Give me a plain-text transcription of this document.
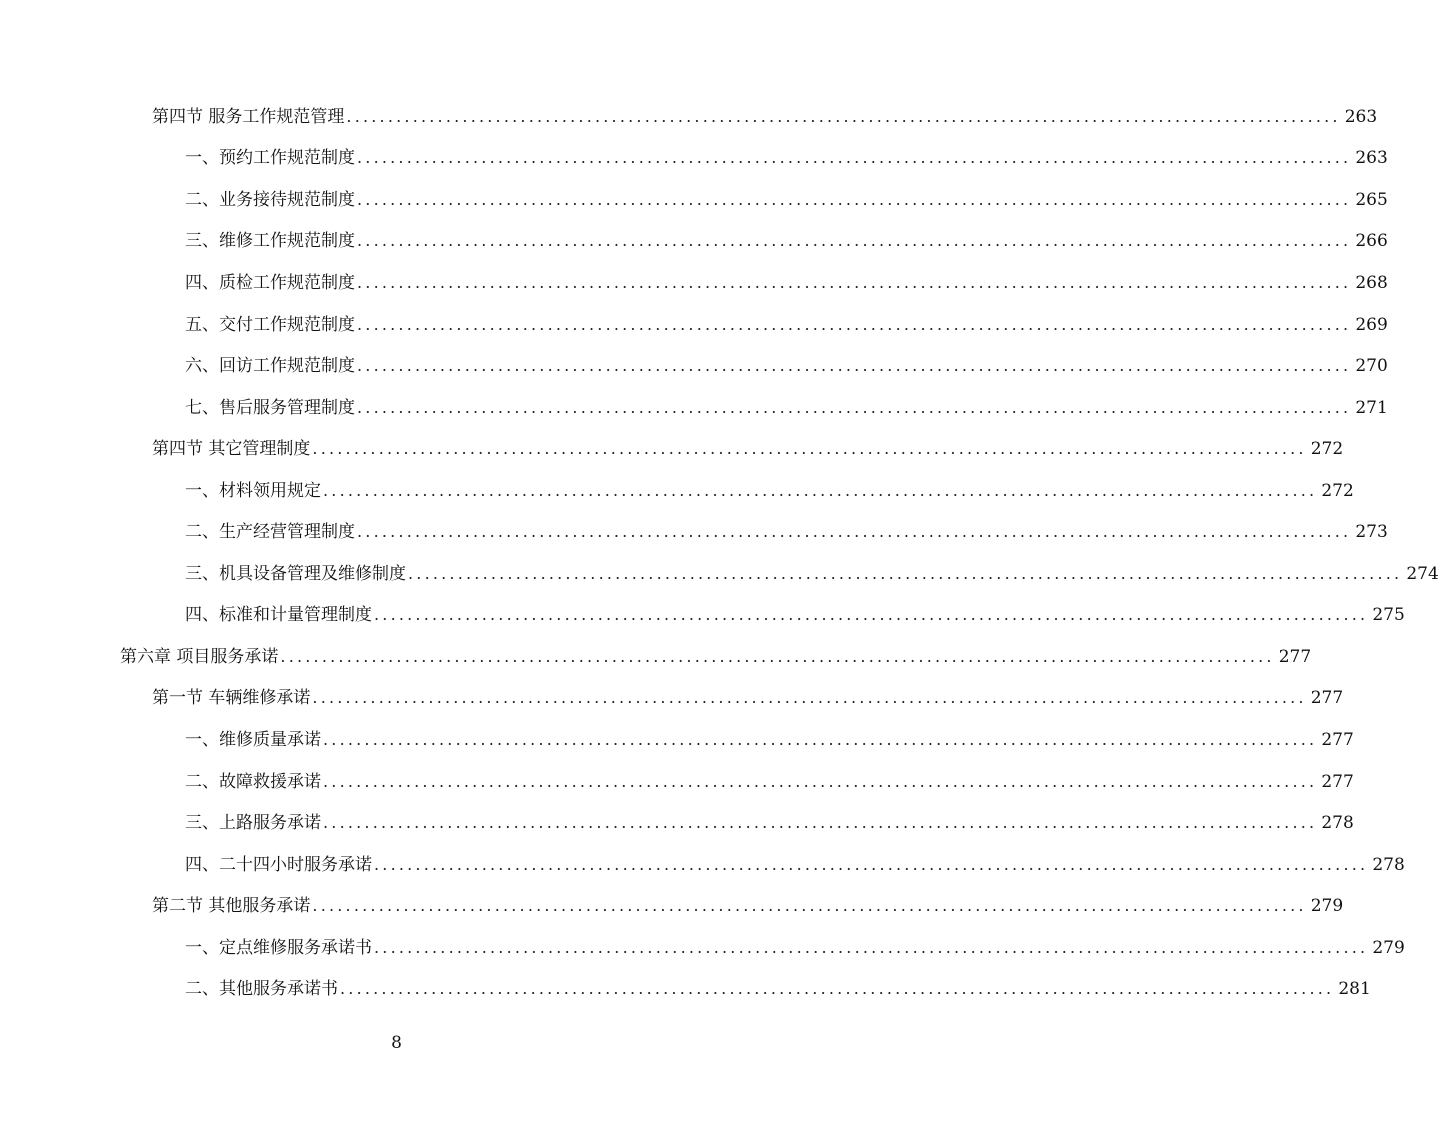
第四节 服务工作规范管理 ........................................................................................................................ 263
一、预约工作规范制度 ........................................................................................................................ 263
二、业务接待规范制度 ........................................................................................................................ 265
三、维修工作规范制度 ........................................................................................................................ 266
四、质检工作规范制度 ........................................................................................................................ 268
五、交付工作规范制度 ........................................................................................................................ 269
六、回访工作规范制度 ........................................................................................................................ 270
七、售后服务管理制度 ........................................................................................................................ 271
第四节 其它管理制度 ........................................................................................................................ 272
一、材料领用规定 ........................................................................................................................ 272
二、生产经营管理制度 ........................................................................................................................ 273
三、机具设备管理及维修制度 ........................................................................................................................ 274
四、标准和计量管理制度 ........................................................................................................................ 275
第六章 项目服务承诺 ........................................................................................................................ 277
第一节 车辆维修承诺 ........................................................................................................................ 277
一、维修质量承诺 ........................................................................................................................ 277
二、故障救援承诺 ........................................................................................................................ 277
三、上路服务承诺 ........................................................................................................................ 278
四、二十四小时服务承诺 ........................................................................................................................ 278
第二节 其他服务承诺 ........................................................................................................................ 279
一、定点维修服务承诺书 ........................................................................................................................ 279
二、其他服务承诺书 ........................................................................................................................ 281
8
